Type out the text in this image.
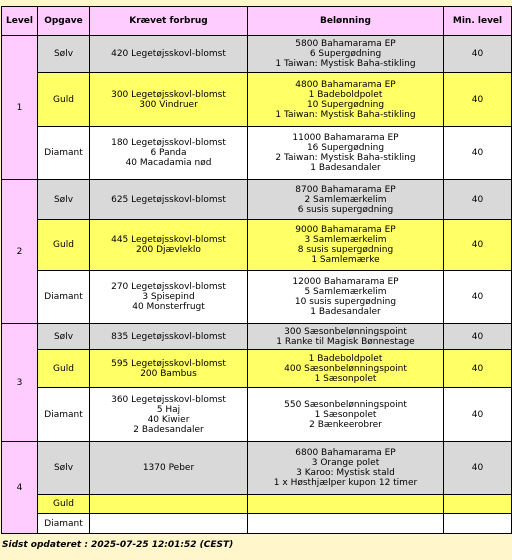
Level	Opgave	Krævet forbrug	Belønning	Min. level
1	Sølv	420 Legetøjsskovl-blomst	5800 Bahamarama EP
6 Supergødning
1 Taiwan: Mystisk Baha-stikling	40
	Guld	300 Legetøjsskovl-blomst
300 Vindruer	4800 Bahamarama EP
1 Badeboldpolet
10 Supergødning
1 Taiwan: Mystisk Baha-stikling	40
	Diamant	180 Legetøjsskovl-blomst
6 Panda
40 Macadamia nød	11000 Bahamarama EP
16 Supergødning
2 Taiwan: Mystisk Baha-stikling
1 Badesandaler	40
2	Sølv	625 Legetøjsskovl-blomst	8700 Bahamarama EP
2 Samlemærkelim
6 susis supergødning	40
	Guld	445 Legetøjsskovl-blomst
200 Djævleklo	9000 Bahamarama EP
3 Samlemærkelim
8 susis supergødning
1 Samlemærke	40
	Diamant	270 Legetøjsskovl-blomst
3 Spisepind
40 Monsterfrugt	12000 Bahamarama EP
5 Samlemærkelim
10 susis supergødning
1 Badesandaler	40
3	Sølv	835 Legetøjsskovl-blomst	300 Sæsonbelønningspoint
1 Ranke til Magisk Bønnestage	40
	Guld	595 Legetøjsskovl-blomst
200 Bambus	1 Badeboldpolet
400 Sæsonbelønningspoint
1 Sæsonpolet	40
	Diamant	360 Legetøjsskovl-blomst
5 Haj
40 Kiwier
2 Badesandaler	550 Sæsonbelønningspoint
1 Sæsonpolet
2 Bænkeerobrer	40
4	Sølv	1370 Peber	6800 Bahamarama EP
3 Orange polet
3 Karoo: Mystisk stald
1 x Høsthjælper kupon 12 timer	40
	Guld			
	Diamant			
Sidst opdateret : 2025-07-25 12:01:52 (CEST)
